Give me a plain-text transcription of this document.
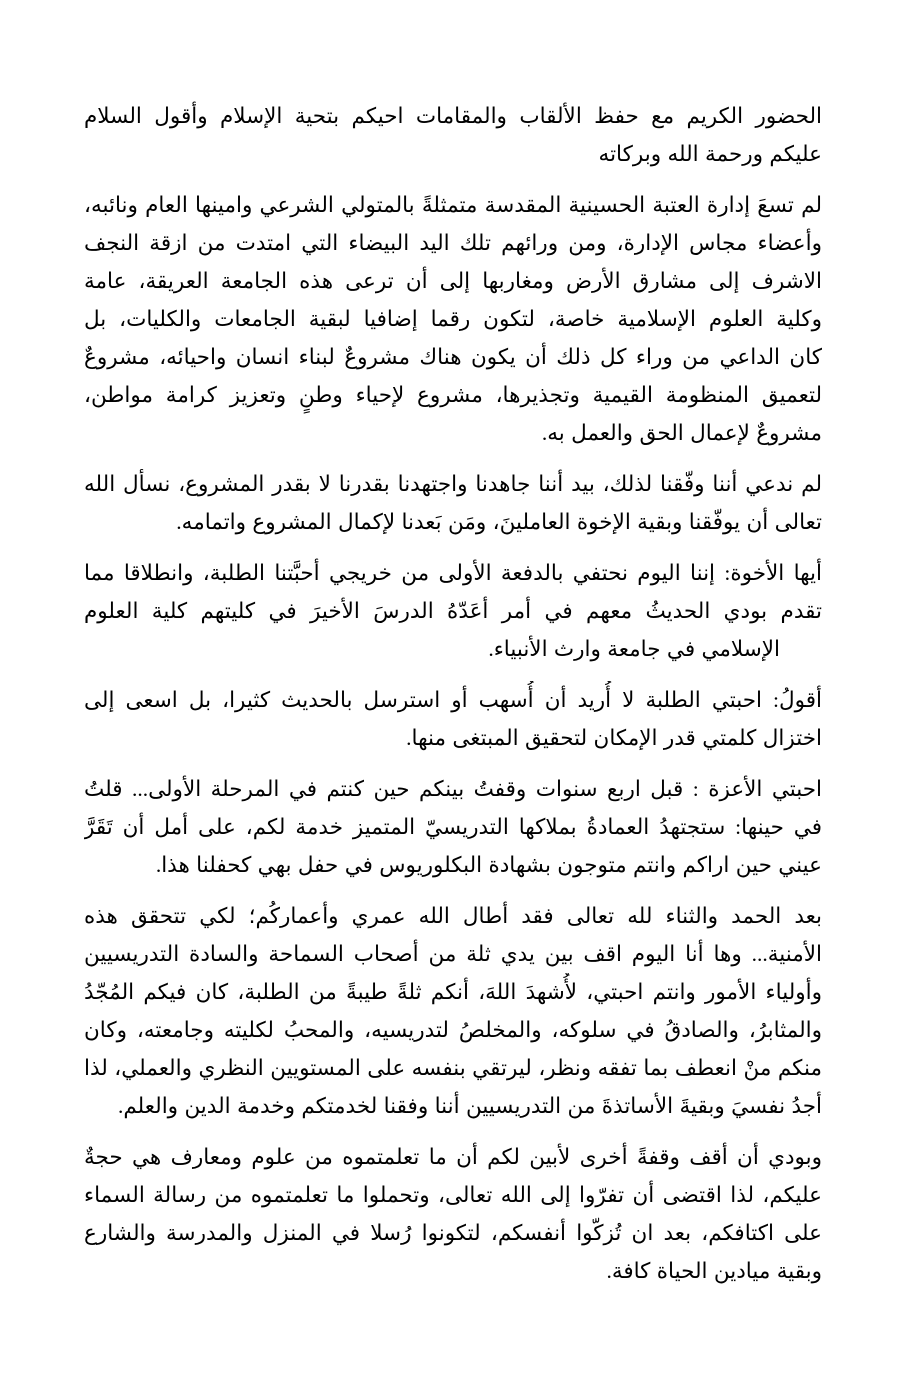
الحضور الكريم مع حفظ الألقاب والمقامات احيكم بتحية الإسلام وأقول السلام
عليكم ورحمة الله وبركاته
لم تسعَ إدارة العتبة الحسينية المقدسة متمثلةً بالمتولي الشرعي وامينها العام ونائبه،
وأعضاء مجاس الإدارة، ومن ورائهم تلك اليد البيضاء التي امتدت من ازقة النجف
الاشرف إلى مشارق الأرض ومغاربها إلى أن ترعى هذه الجامعة العريقة، عامة
وكلية العلوم الإسلامية خاصة، لتكون رقما إضافيا لبقية الجامعات والكليات، بل
كان الداعي من وراء كل ذلك أن يكون هناك مشروعٌ لبناء انسان واحيائه، مشروعٌ
لتعميق المنظومة القيمية وتجذيرها، مشروع لإحياء وطنٍ وتعزيز كرامة مواطن،
مشروعٌ لإعمال الحق والعمل به.
لم ندعي أننا وفّقنا لذلك، بيد أننا جاهدنا واجتهدنا بقدرنا لا بقدر المشروع، نسأل الله
تعالى أن يوفّقنا وبقية الإخوة العاملينَ، ومَن بَعدنا لإكمال المشروع واتمامه.
أيها الأخوة: إننا اليوم نحتفي بالدفعة الأولى من خريجي أحبَّتنا الطلبة، وانطلاقا مما
تقدم بودي الحديثُ معهم في أمر أعَدّهُ الدرسَ الأخيرَ في كليتهم كلية العلوم
الإسلامي في جامعة وارث الأنبياء.
أقولُ: احبتي الطلبة لا أُريد أن أُسهب أو استرسل بالحديث كثيرا، بل اسعى إلى
اختزال كلمتي قدر الإمكان لتحقيق المبتغى منها.
احبتي الأعزة : قبل اربع سنوات وقفتُ بينكم حين كنتم في المرحلة الأولى... قلتُ
في حينها: ستجتهدُ العمادةُ بملاكها التدريسيّ المتميز خدمة لكم، على أمل أن تَقَرَّ
عيني حين اراكم وانتم متوجون بشهادة البكلوريوس في حفل بهي كحفلنا هذا.
بعد الحمد والثناء لله تعالى فقد أطال الله عمري وأعماركُم؛ لكي تتحقق هذه
الأمنية... وها أنا اليوم اقف بين يدي ثلة من أصحاب السماحة والسادة التدريسيين
وأولياء الأمور وانتم احبتي، لأُشهدَ اللهَ، أنكم ثلةً طيبةً من الطلبة، كان فيكم المُجّدُ
والمثابرُ، والصادقُ في سلوكه، والمخلصُ لتدريسيه، والمحبُ لكليته وجامعته، وكان
منكم منْ انعطف بما تفقه ونظر، ليرتقي بنفسه على المستويين النظري والعملي، لذا
أجدُ نفسيَ وبقيةَ الأساتذةَ من التدريسيين أننا وفقنا لخدمتكم وخدمة الدين والعلم.
وبودي أن أقف وقفةً أخرى لأبين لكم أن ما تعلمتموه من علوم ومعارف هي حجةٌ
عليكم، لذا اقتضى أن تفرّوا إلى الله تعالى، وتحملوا ما تعلمتموه من رسالة السماء
على اكتافكم، بعد ان تُزكّوا أنفسكم، لتكونوا رُسلا في المنزل والمدرسة والشارع
وبقية ميادين الحياة كافة.
